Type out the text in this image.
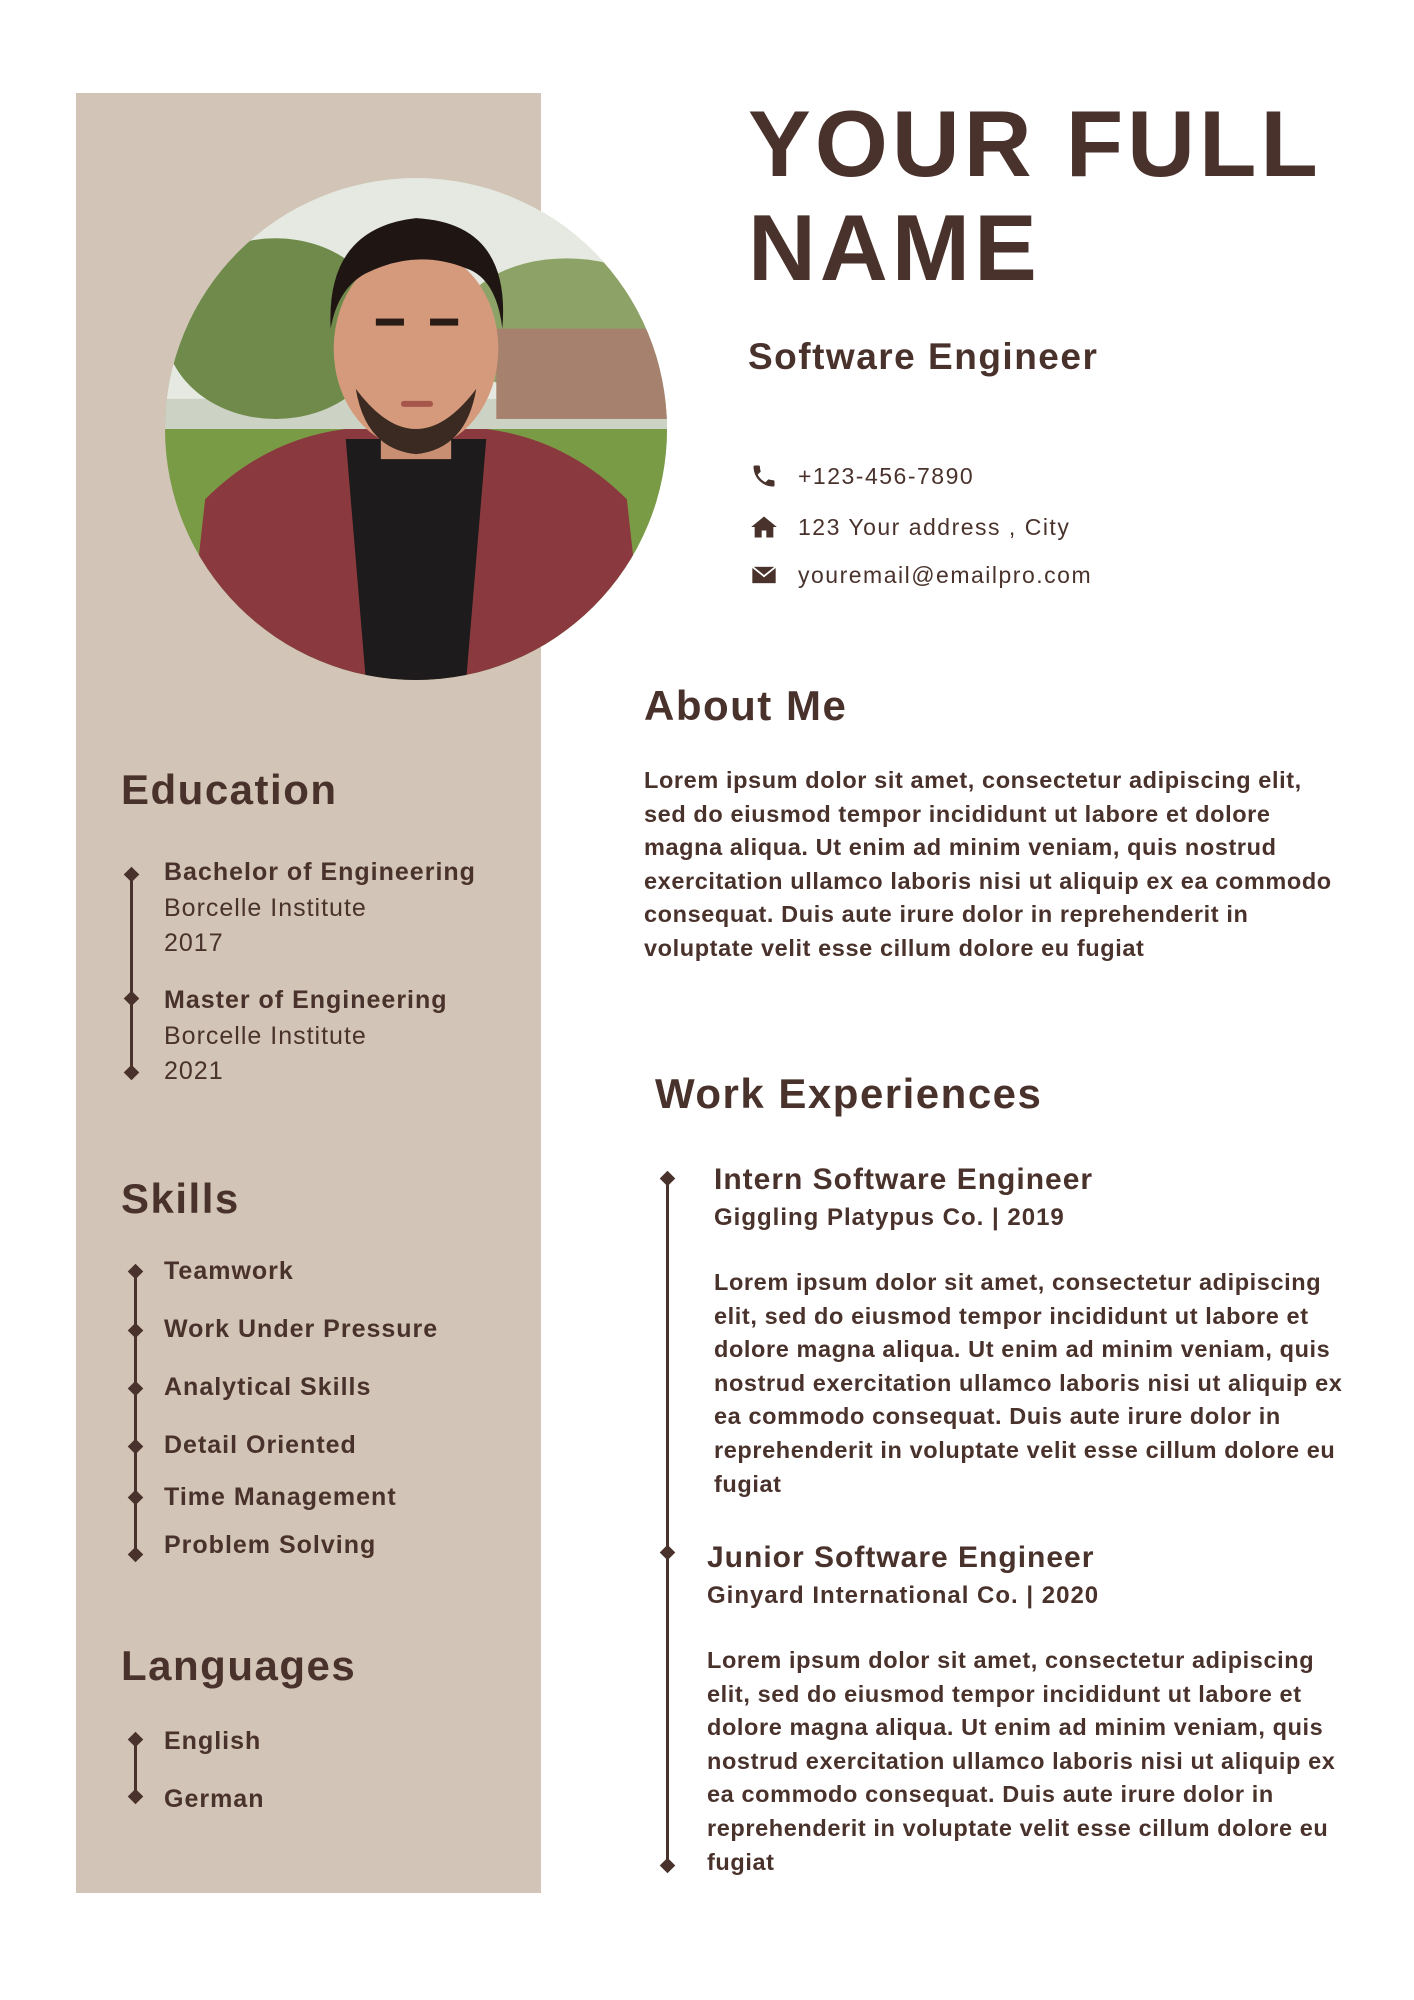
YOUR FULL NAME
Software Engineer
+123-456-7890
123 Your address , City
youremail@emailpro.com
About Me

Lorem ipsum dolor sit amet, consectetur adipiscing elit, sed do eiusmod tempor incididunt ut labore et dolore magna aliqua. Ut enim ad minim veniam, quis nostrud exercitation ullamco laboris nisi ut aliquip ex ea commodo consequat. Duis aute irure dolor in reprehenderit in voluptate velit esse cillum dolore eu fugiat

Education
Bachelor of Engineering
Borcelle Institute
2017
Master of Engineering
Borcelle Institute
2021
Skills
Teamwork
Work Under Pressure
Analytical Skills
Detail Oriented
Time Management
Problem Solving
Languages
English
German
Work Experiences
Intern Software Engineer
Giggling Platypus Co. | 2019

Lorem ipsum dolor sit amet, consectetur adipiscing elit, sed do eiusmod tempor incididunt ut labore et dolore magna aliqua. Ut enim ad minim veniam, quis nostrud exercitation ullamco laboris nisi ut aliquip ex ea commodo consequat. Duis aute irure dolor in reprehenderit in voluptate velit esse cillum dolore eu fugiat

Junior Software Engineer
Ginyard International Co. | 2020

Lorem ipsum dolor sit amet, consectetur adipiscing elit, sed do eiusmod tempor incididunt ut labore et dolore magna aliqua. Ut enim ad minim veniam, quis nostrud exercitation ullamco laboris nisi ut aliquip ex ea commodo consequat. Duis aute irure dolor in reprehenderit in voluptate velit esse cillum dolore eu fugiat
